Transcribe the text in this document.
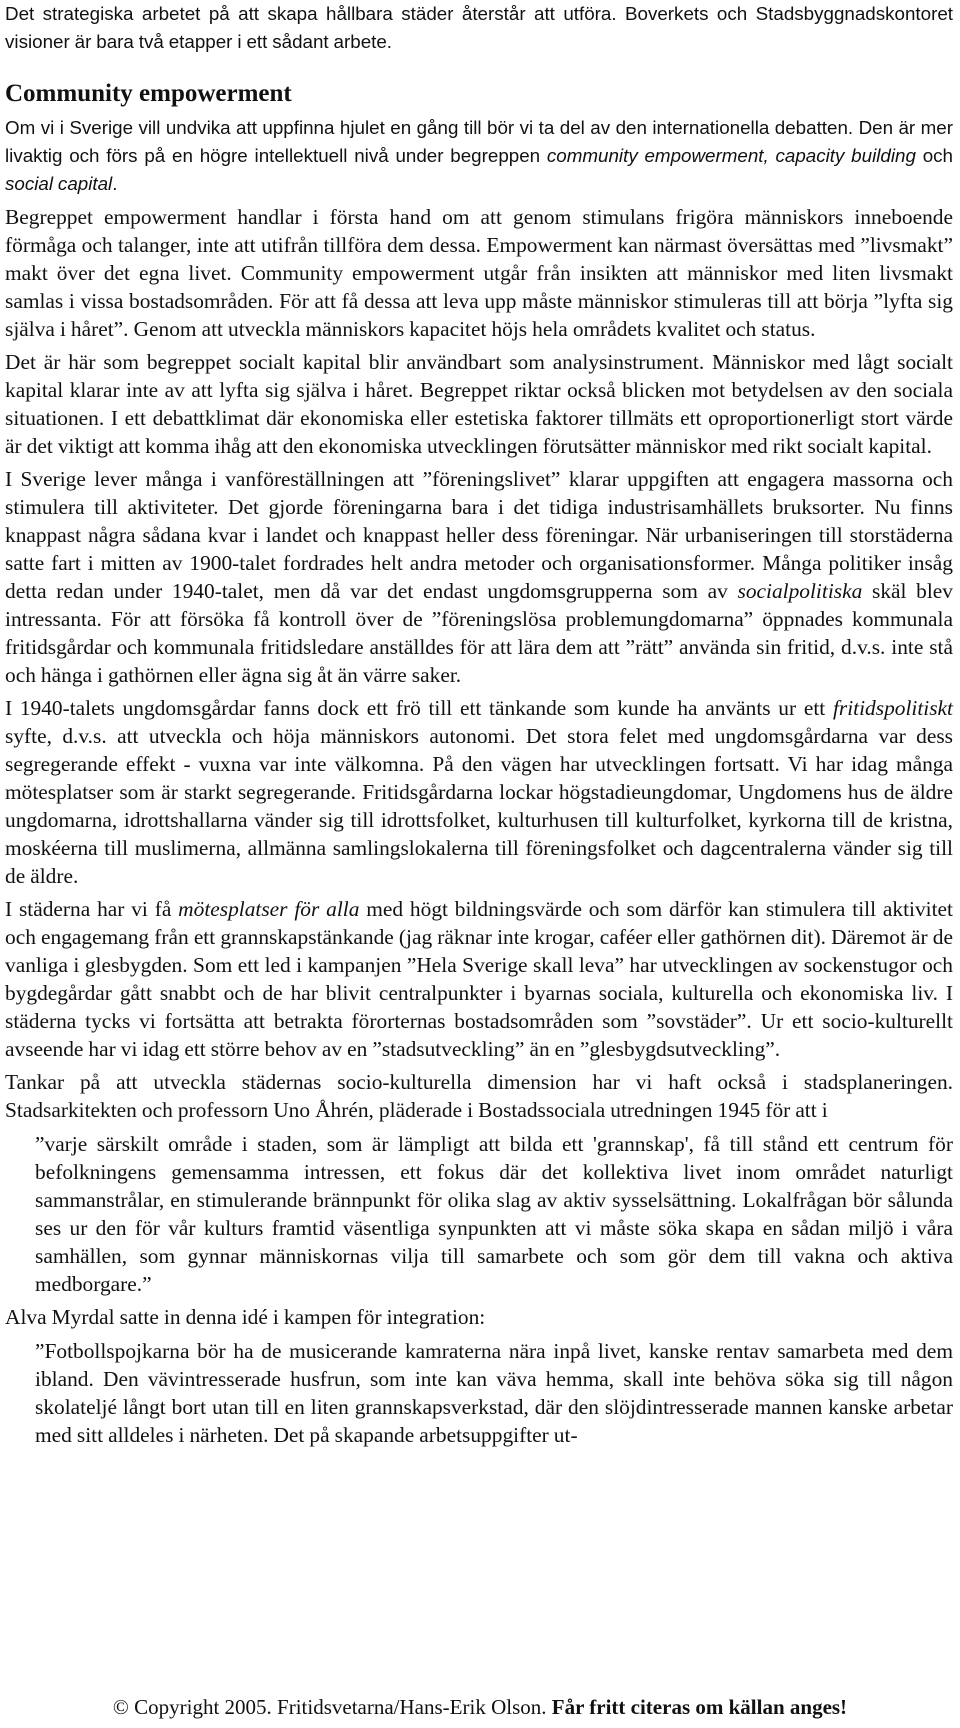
Det strategiska arbetet på att skapa hållbara städer återstår att utföra. Boverkets och Stadsbyggnadskontoret visioner är bara två etapper i ett sådant arbete.

Community empowerment

Om vi i Sverige vill undvika att uppfinna hjulet en gång till bör vi ta del av den internationella debatten. Den är mer livaktig och förs på en högre intellektuell nivå under begreppen community empowerment, capacity building och social capital.

Begreppet empowerment handlar i första hand om att genom stimulans frigöra människors inneboende förmåga och talanger, inte att utifrån tillföra dem dessa. Empowerment kan närmast översättas med ”livsmakt” makt över det egna livet. Community empowerment utgår från insikten att människor med liten livsmakt samlas i vissa bostadsområden. För att få dessa att leva upp måste människor stimuleras till att börja ”lyfta sig själva i håret”. Genom att utveckla människors kapacitet höjs hela områdets kvalitet och status.

Det är här som begreppet socialt kapital blir användbart som analysinstrument. Människor med lågt socialt kapital klarar inte av att lyfta sig själva i håret. Begreppet riktar också blicken mot betydelsen av den sociala situationen. I ett debattklimat där ekonomiska eller estetiska faktorer tillmäts ett oproportionerligt stort värde är det viktigt att komma ihåg att den ekonomiska utvecklingen förutsätter människor med rikt socialt kapital.

I Sverige lever många i vanföreställningen att ”föreningslivet” klarar uppgiften att engagera massorna och stimulera till aktiviteter. Det gjorde föreningarna bara i det tidiga industrisamhällets bruksorter. Nu finns knappast några sådana kvar i landet och knappast heller dess föreningar. När urbaniseringen till storstäderna satte fart i mitten av 1900-talet fordrades helt andra metoder och organisationsformer. Många politiker insåg detta redan under 1940-talet, men då var det endast ungdomsgrupperna som av socialpolitiska skäl blev intressanta. För att försöka få kontroll över de ”föreningslösa problemungdomarna” öppnades kommunala fritidsgårdar och kommunala fritidsledare anställdes för att lära dem att ”rätt” använda sin fritid, d.v.s. inte stå och hänga i gathörnen eller ägna sig åt än värre saker.

I 1940-talets ungdomsgårdar fanns dock ett frö till ett tänkande som kunde ha använts ur ett fritidspolitiskt syfte, d.v.s. att utveckla och höja människors autonomi. Det stora felet med ungdomsgårdarna var dess segregerande effekt - vuxna var inte välkomna. På den vägen har utvecklingen fortsatt. Vi har idag många mötesplatser som är starkt segregerande. Fritidsgårdarna lockar högstadieungdomar, Ungdomens hus de äldre ungdomarna, idrottshallarna vänder sig till idrottsfolket, kulturhusen till kulturfolket, kyrkorna till de kristna, moskéerna till muslimerna, allmänna samlingslokalerna till föreningsfolket och dagcentralerna vänder sig till de äldre.

I städerna har vi få mötesplatser för alla med högt bildningsvärde och som därför kan stimulera till aktivitet och engagemang från ett grannskapstänkande (jag räknar inte krogar, caféer eller gathörnen dit). Däremot är de vanliga i glesbygden. Som ett led i kampanjen ”Hela Sverige skall leva” har utvecklingen av sockenstugor och bygdegårdar gått snabbt och de har blivit centralpunkter i byarnas sociala, kulturella och ekonomiska liv. I städerna tycks vi fortsätta att betrakta förorternas bostadsområden som ”sovstäder”. Ur ett socio-kulturellt avseende har vi idag ett större behov av en ”stadsutveckling” än en ”glesbygdsutveckling”.

Tankar på att utveckla städernas socio-kulturella dimension har vi haft också i stadsplaneringen. Stadsarkitekten och professorn Uno Åhrén, pläderade i Bostadssociala utredningen 1945 för att i

”varje särskilt område i staden, som är lämpligt att bilda ett 'grannskap', få till stånd ett centrum för befolkningens gemensamma intressen, ett fokus där det kollektiva livet inom området naturligt sammanstrålar, en stimulerande brännpunkt för olika slag av aktiv sysselsättning. Lokalfrågan bör sålunda ses ur den för vår kulturs framtid väsentliga synpunkten att vi måste söka skapa en sådan miljö i våra samhällen, som gynnar människornas vilja till samarbete och som gör dem till vakna och aktiva medborgare.”

Alva Myrdal satte in denna idé i kampen för integration:

”Fotbollspojkarna bör ha de musicerande kamraterna nära inpå livet, kanske rentav samarbeta med dem ibland. Den vävintresserade husfrun, som inte kan väva hemma, skall inte behöva söka sig till någon skolateljé långt bort utan till en liten grannskapsverkstad, där den slöjdintresserade mannen kanske arbetar med sitt alldeles i närheten. Det på skapande arbetsuppgifter ut-

© Copyright 2005. Fritidsvetarna/Hans-Erik Olson. Får fritt citeras om källan anges!
